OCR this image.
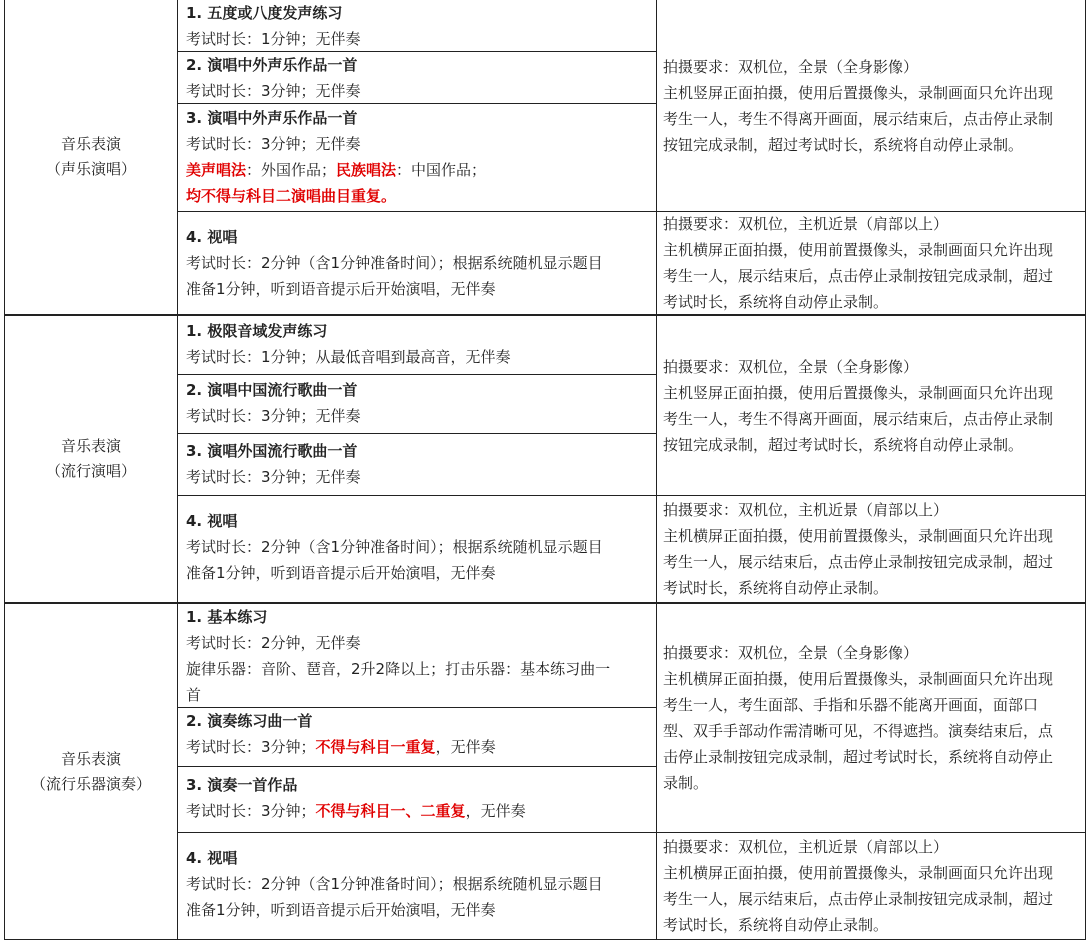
音乐表演
（声乐演唱）
1. 五度或八度发声练习
考试时长：1分钟；无伴奏
2. 演唱中外声乐作品一首
考试时长：3分钟；无伴奏
3. 演唱中外声乐作品一首
考试时长：3分钟；无伴奏
美声唱法：外国作品；民族唱法：中国作品；
均不得与科目二演唱曲目重复。
4. 视唱
考试时长：2分钟（含1分钟准备时间）；根据系统随机显示题目
准备1分钟，听到语音提示后开始演唱，无伴奏
拍摄要求：双机位，全景（全身影像）
主机竖屏正面拍摄，使用后置摄像头，录制画面只允许出现
考生一人，考生不得离开画面，展示结束后，点击停止录制
按钮完成录制，超过考试时长，系统将自动停止录制。
拍摄要求：双机位，主机近景（肩部以上）
主机横屏正面拍摄，使用前置摄像头，录制画面只允许出现
考生一人，展示结束后，点击停止录制按钮完成录制，超过
考试时长，系统将自动停止录制。
音乐表演
（流行演唱）
1. 极限音域发声练习
考试时长：1分钟；从最低音唱到最高音，无伴奏
2. 演唱中国流行歌曲一首
考试时长：3分钟；无伴奏
3. 演唱外国流行歌曲一首
考试时长：3分钟；无伴奏
4. 视唱
考试时长：2分钟（含1分钟准备时间）；根据系统随机显示题目
准备1分钟，听到语音提示后开始演唱，无伴奏
拍摄要求：双机位，全景（全身影像）
主机竖屏正面拍摄，使用后置摄像头，录制画面只允许出现
考生一人，考生不得离开画面，展示结束后，点击停止录制
按钮完成录制，超过考试时长，系统将自动停止录制。
拍摄要求：双机位，主机近景（肩部以上）
主机横屏正面拍摄，使用前置摄像头，录制画面只允许出现
考生一人，展示结束后，点击停止录制按钮完成录制，超过
考试时长，系统将自动停止录制。
音乐表演
（流行乐器演奏）
1. 基本练习
考试时长：2分钟，无伴奏
旋律乐器：音阶、琶音，2升2降以上；打击乐器：基本练习曲一
首
2. 演奏练习曲一首
考试时长：3分钟；不得与科目一重复，无伴奏
3. 演奏一首作品
考试时长：3分钟；不得与科目一、二重复，无伴奏
4. 视唱
考试时长：2分钟（含1分钟准备时间）；根据系统随机显示题目
准备1分钟，听到语音提示后开始演唱，无伴奏
拍摄要求：双机位，全景（全身影像）
主机横屏正面拍摄，使用后置摄像头，录制画面只允许出现
考生一人，考生面部、手指和乐器不能离开画面，面部口
型、双手手部动作需清晰可见，不得遮挡。演奏结束后，点
击停止录制按钮完成录制，超过考试时长，系统将自动停止
录制。
拍摄要求：双机位，主机近景（肩部以上）
主机横屏正面拍摄，使用前置摄像头，录制画面只允许出现
考生一人，展示结束后，点击停止录制按钮完成录制，超过
考试时长，系统将自动停止录制。
